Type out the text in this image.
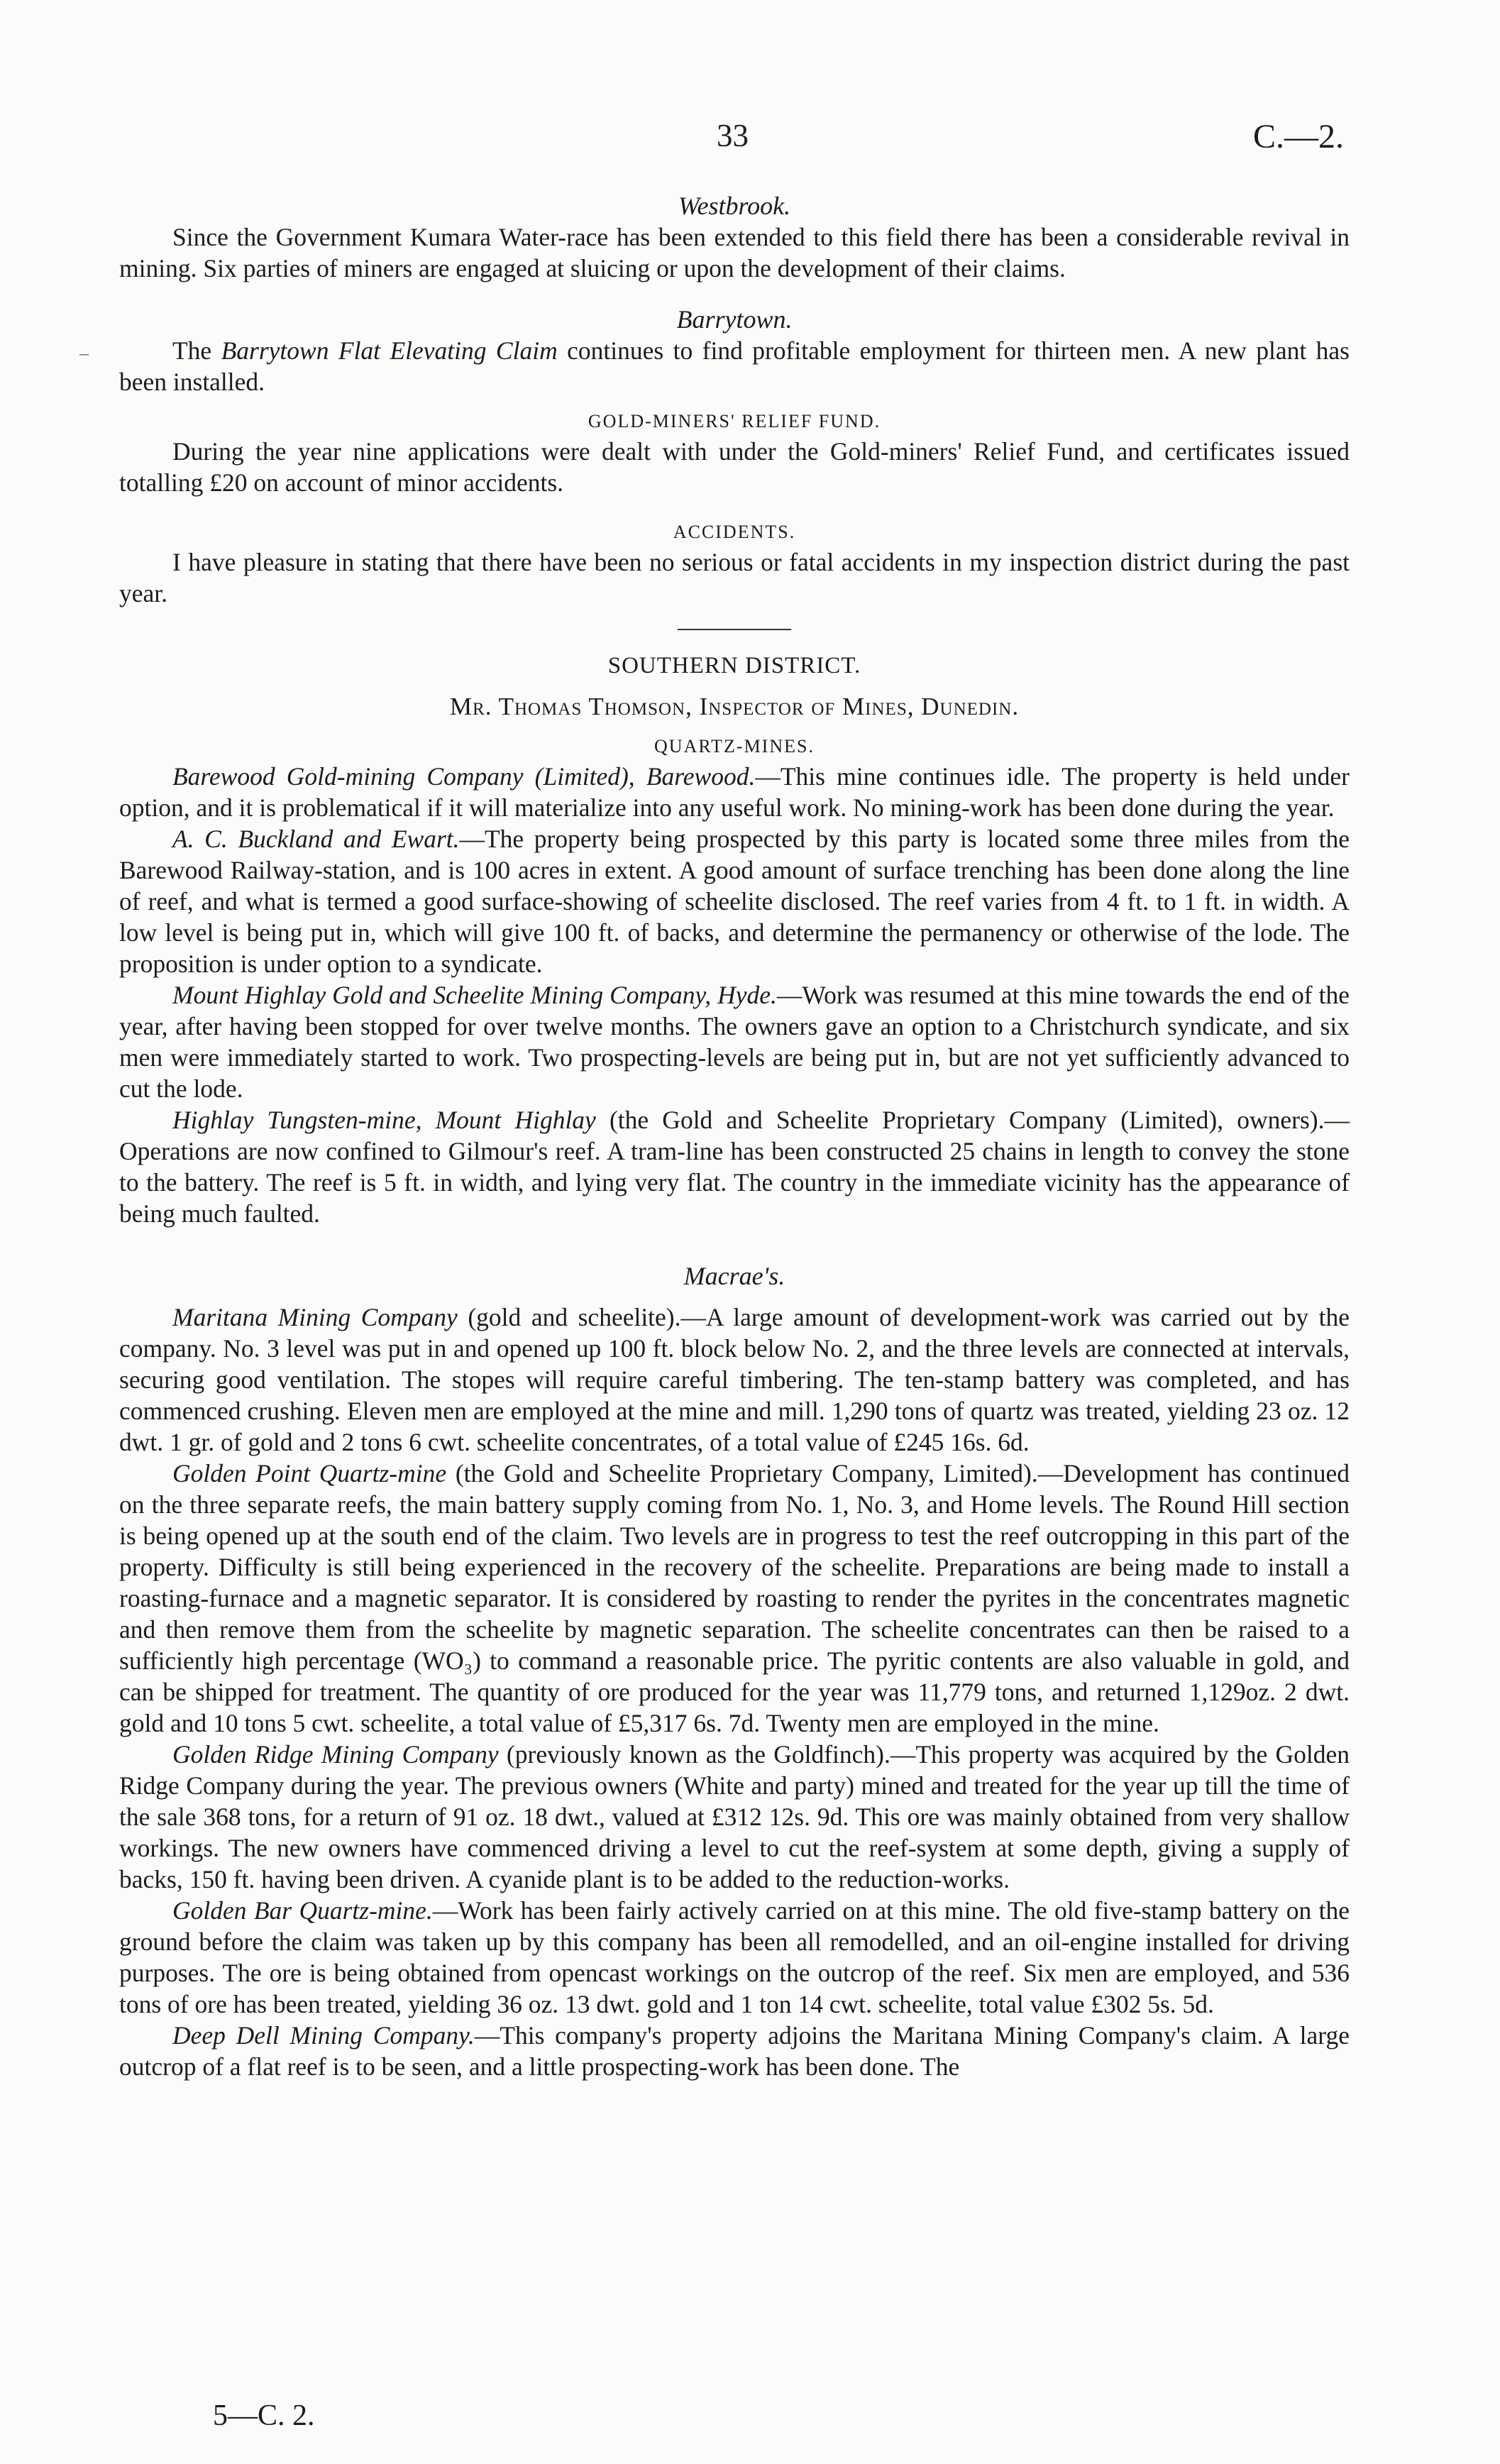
33	C.—2.
–

Westbrook.

Since the Government Kumara Water-race has been extended to this field there has been a considerable revival in mining. Six parties of miners are engaged at sluicing or upon the development of their claims.

Barrytown.

The Barrytown Flat Elevating Claim continues to find profitable employment for thirteen men. A new plant has been installed.

GOLD-MINERS' RELIEF FUND.

During the year nine applications were dealt with under the Gold-miners' Relief Fund, and certificates issued totalling £20 on account of minor accidents.

ACCIDENTS.

I have pleasure in stating that there have been no serious or fatal accidents in my inspection district during the past year.

SOUTHERN DISTRICT.

Mr. Thomas Thomson, Inspector of Mines, Dunedin.

QUARTZ-MINES.

Barewood Gold-mining Company (Limited), Barewood.—This mine continues idle. The property is held under option, and it is problematical if it will materialize into any useful work. No mining-work has been done during the year.

A. C. Buckland and Ewart.—The property being prospected by this party is located some three miles from the Barewood Railway-station, and is 100 acres in extent. A good amount of surface trenching has been done along the line of reef, and what is termed a good surface-showing of scheelite disclosed. The reef varies from 4 ft. to 1 ft. in width. A low level is being put in, which will give 100 ft. of backs, and determine the permanency or otherwise of the lode. The proposition is under option to a syndicate.

Mount Highlay Gold and Scheelite Mining Company, Hyde.—Work was resumed at this mine towards the end of the year, after having been stopped for over twelve months. The owners gave an option to a Christchurch syndicate, and six men were immediately started to work. Two prospecting-levels are being put in, but are not yet sufficiently advanced to cut the lode.

Highlay Tungsten-mine, Mount Highlay (the Gold and Scheelite Proprietary Company (Limited), owners).—Operations are now confined to Gilmour's reef. A tram-line has been constructed 25 chains in length to convey the stone to the battery. The reef is 5 ft. in width, and lying very flat. The country in the immediate vicinity has the appearance of being much faulted.

Macrae's.

Maritana Mining Company (gold and scheelite).—A large amount of development-work was carried out by the company. No. 3 level was put in and opened up 100 ft. block below No. 2, and the three levels are connected at intervals, securing good ventilation. The stopes will require careful timbering. The ten-stamp battery was completed, and has commenced crushing. Eleven men are employed at the mine and mill. 1,290 tons of quartz was treated, yielding 23 oz. 12 dwt. 1 gr. of gold and 2 tons 6 cwt. scheelite concentrates, of a total value of £245 16s. 6d.

Golden Point Quartz-mine (the Gold and Scheelite Proprietary Company, Limited).—Development has continued on the three separate reefs, the main battery supply coming from No. 1, No. 3, and Home levels. The Round Hill section is being opened up at the south end of the claim. Two levels are in progress to test the reef outcropping in this part of the property. Difficulty is still being experienced in the recovery of the scheelite. Preparations are being made to install a roasting-furnace and a magnetic separator. It is considered by roasting to render the pyrites in the concentrates magnetic and then remove them from the scheelite by magnetic separation. The scheelite concentrates can then be raised to a sufficiently high percentage (WO₃) to command a reasonable price. The pyritic contents are also valuable in gold, and can be shipped for treatment. The quantity of ore produced for the year was 11,779 tons, and returned 1,129oz. 2 dwt. gold and 10 tons 5 cwt. scheelite, a total value of £5,317 6s. 7d. Twenty men are employed in the mine.

Golden Ridge Mining Company (previously known as the Goldfinch).—This property was acquired by the Golden Ridge Company during the year. The previous owners (White and party) mined and treated for the year up till the time of the sale 368 tons, for a return of 91 oz. 18 dwt., valued at £312 12s. 9d. This ore was mainly obtained from very shallow workings. The new owners have commenced driving a level to cut the reef-system at some depth, giving a supply of backs, 150 ft. having been driven. A cyanide plant is to be added to the reduction-works.

Golden Bar Quartz-mine.—Work has been fairly actively carried on at this mine. The old five-stamp battery on the ground before the claim was taken up by this company has been all remodelled, and an oil-engine installed for driving purposes. The ore is being obtained from opencast workings on the outcrop of the reef. Six men are employed, and 536 tons of ore has been treated, yielding 36 oz. 13 dwt. gold and 1 ton 14 cwt. scheelite, total value £302 5s. 5d.

Deep Dell Mining Company.—This company's property adjoins the Maritana Mining Company's claim. A large outcrop of a flat reef is to be seen, and a little prospecting-work has been done. The

5—C. 2.
